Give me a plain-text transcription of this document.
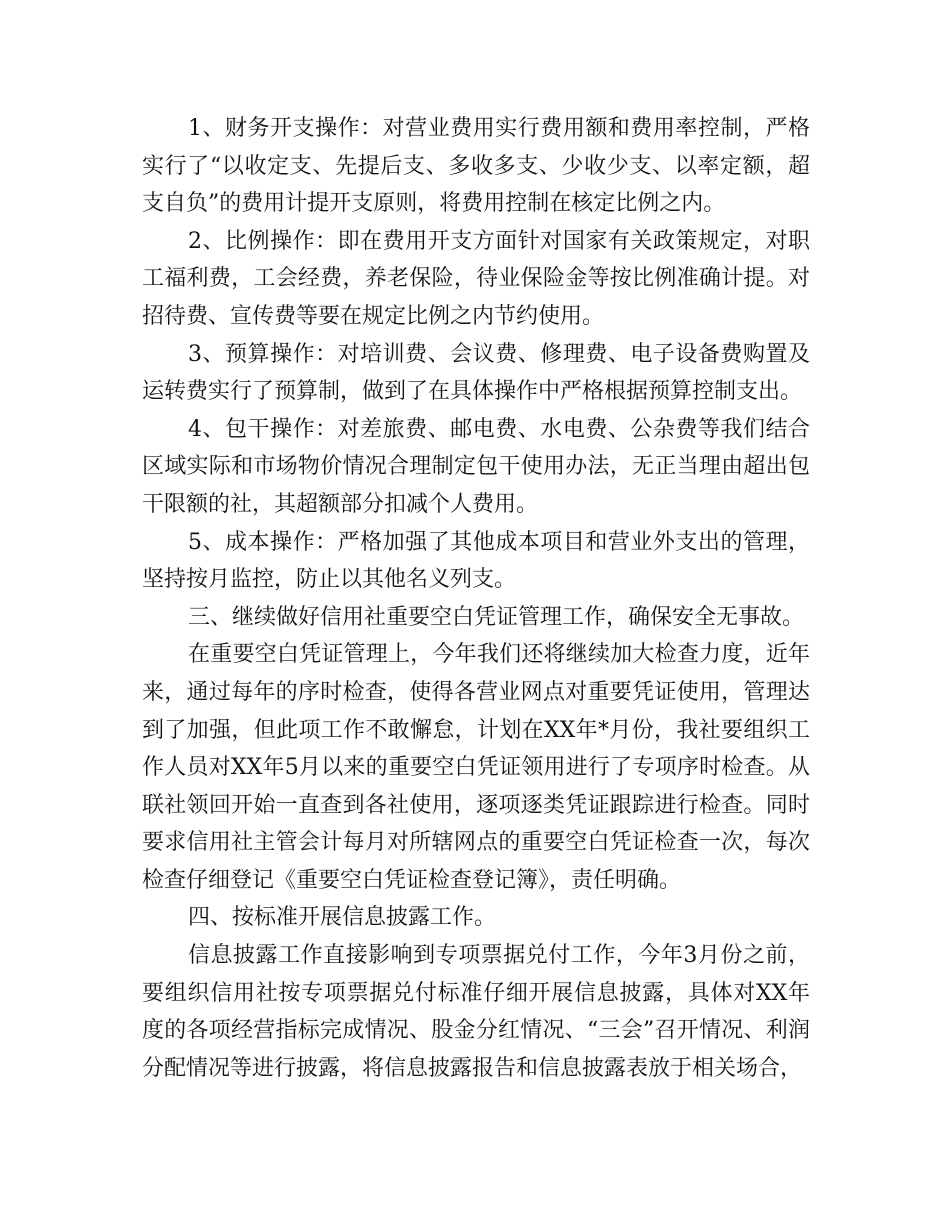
1、财务开支操作：对营业费用实行费用额和费用率控制，严格实行了“以收定支、先提后支、多收多支、少收少支、以率定额，超支自负”的费用计提开支原则，将费用控制在核定比例之内。

2、比例操作：即在费用开支方面针对国家有关政策规定，对职工福利费，工会经费，养老保险，待业保险金等按比例准确计提。对招待费、宣传费等要在规定比例之内节约使用。

3、预算操作：对培训费、会议费、修理费、电子设备费购置及运转费实行了预算制，做到了在具体操作中严格根据预算控制支出。

4、包干操作：对差旅费、邮电费、水电费、公杂费等我们结合区域实际和市场物价情况合理制定包干使用办法，无正当理由超出包干限额的社，其超额部分扣减个人费用。

5、成本操作：严格加强了其他成本项目和营业外支出的管理，坚持按月监控，防止以其他名义列支。

三、继续做好信用社重要空白凭证管理工作，确保安全无事故。

在重要空白凭证管理上，今年我们还将继续加大检查力度，近年来，通过每年的序时检查，使得各营业网点对重要凭证使用，管理达到了加强，但此项工作不敢懈怠，计划在XX年*月份，我社要组织工作人员对XX年5月以来的重要空白凭证领用进行了专项序时检查。从联社领回开始一直查到各社使用，逐项逐类凭证跟踪进行检查。同时要求信用社主管会计每月对所辖网点的重要空白凭证检查一次，每次检查仔细登记《重要空白凭证检查登记簿》，责任明确。

四、按标准开展信息披露工作。

信息披露工作直接影响到专项票据兑付工作，今年3月份之前，要组织信用社按专项票据兑付标准仔细开展信息披露，具体对XX年度的各项经营指标完成情况、股金分红情况、“三会”召开情况、利润分配情况等进行披露，将信息披露报告和信息披露表放于相关场合，
